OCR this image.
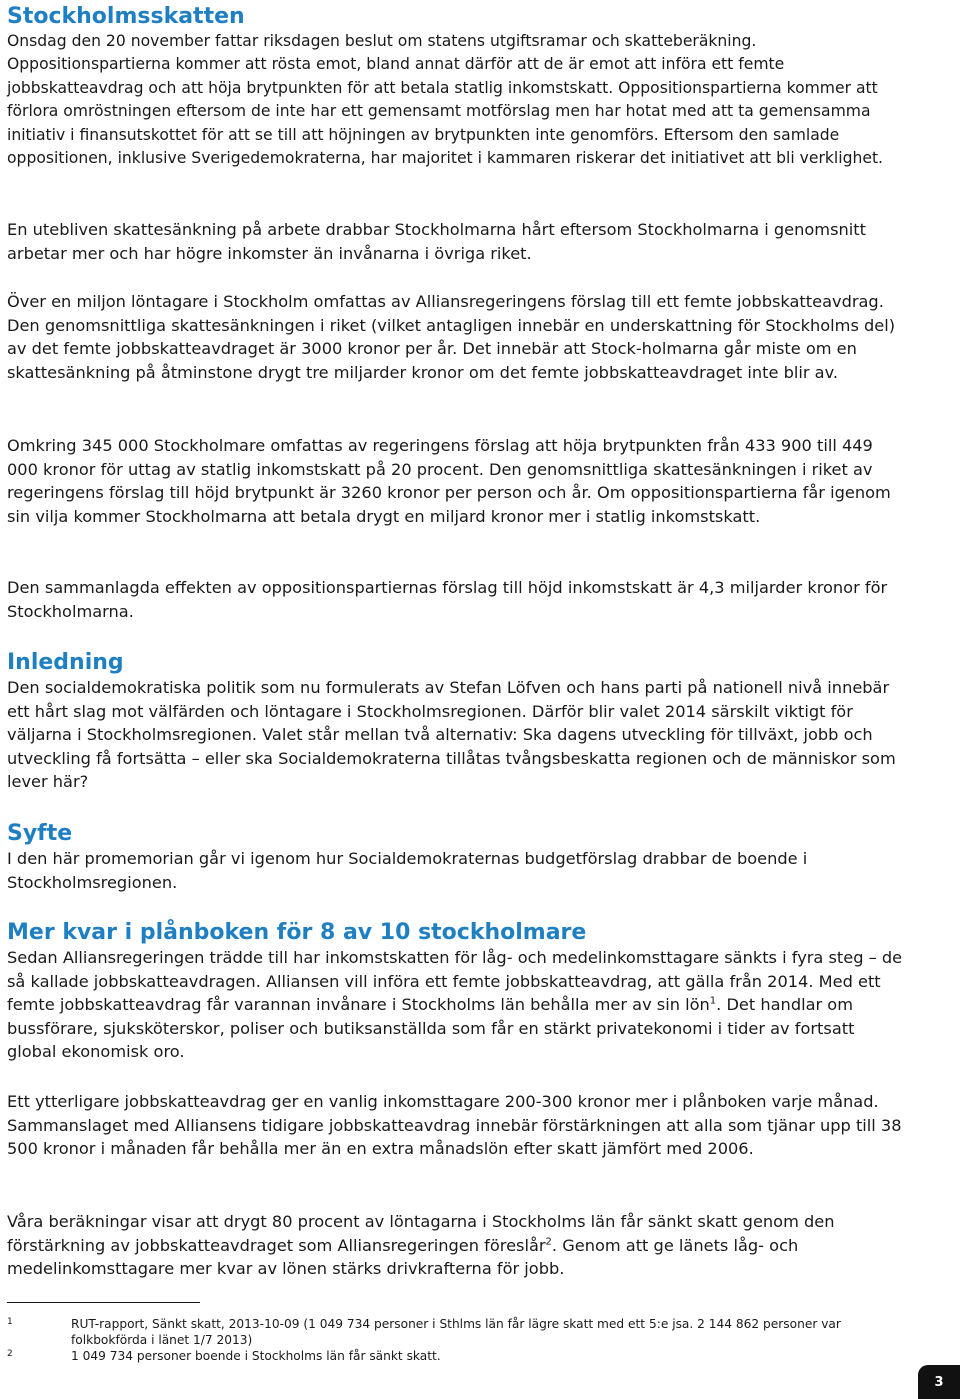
Stockholmsskatten

Onsdag den 20 november fattar riksdagen beslut om statens utgiftsramar och skatteberäkning. Oppositionspartierna kommer att rösta emot, bland annat därför att de är emot att införa ett femte jobbskatteavdrag och att höja brytpunkten för att betala statlig inkomstskatt. Oppositionspartierna kommer att förlora omröstningen eftersom de inte har ett gemensamt motförslag men har hotat med att ta gemensamma initiativ i finansutskottet för att se till att höjningen av brytpunkten inte genomförs. Eftersom den samlade oppositionen, inklusive Sverigedemokraterna, har majoritet i kammaren riskerar det initiativet att bli verklighet.

En utebliven skattesänkning på arbete drabbar Stockholmarna hårt eftersom Stockholmarna i genomsnitt arbetar mer och har högre inkomster än invånarna i övriga riket.

Över en miljon löntagare i Stockholm omfattas av Alliansregeringens förslag till ett femte jobbskatteavdrag. Den genomsnittliga skattesänkningen i riket (vilket antagligen innebär en underskattning för Stockholms del) av det femte jobbskatteavdraget är 3000 kronor per år. Det innebär att Stock-holmarna går miste om en skattesänkning på åtminstone drygt tre miljarder kronor om det femte jobbskatteavdraget inte blir av.

Omkring 345 000 Stockholmare omfattas av regeringens förslag att höja brytpunkten från 433 900 till 449 000 kronor för uttag av statlig inkomstskatt på 20 procent. Den genomsnittliga skattesänkningen i riket av regeringens förslag till höjd brytpunkt är 3260 kronor per person och år. Om oppositionspartierna får igenom sin vilja kommer Stockholmarna att betala drygt en miljard kronor mer i statlig inkomstskatt.

Den sammanlagda effekten av oppositionspartiernas förslag till höjd inkomstskatt är 4,3 miljarder kronor för Stockholmarna.

Inledning

Den socialdemokratiska politik som nu formulerats av Stefan Löfven och hans parti på nationell nivå innebär ett hårt slag mot välfärden och löntagare i Stockholmsregionen. Därför blir valet 2014 särskilt viktigt för väljarna i Stockholmsregionen. Valet står mellan två alternativ: Ska dagens utveckling för tillväxt, jobb och utveckling få fortsätta – eller ska Socialdemokraterna tillåtas tvångsbeskatta regionen och de människor som lever här?

Syfte

I den här promemorian går vi igenom hur Socialdemokraternas budgetförslag drabbar de boende i Stockholmsregionen.

Mer kvar i plånboken för 8 av 10 stockholmare

Sedan Alliansregeringen trädde till har inkomstskatten för låg- och medelinkomsttagare sänkts i fyra steg – de så kallade jobbskatteavdragen. Alliansen vill införa ett femte jobbskatteavdrag, att gälla från 2014. Med ett femte jobbskatteavdrag får varannan invånare i Stockholms län behålla mer av sin lön$^1$. Det handlar om bussförare, sjuksköterskor, poliser och butiksanställda som får en stärkt privatekonomi i tider av fortsatt global ekonomisk oro.

Ett ytterligare jobbskatteavdrag ger en vanlig inkomsttagare 200-300 kronor mer i plånboken varje månad. Sammanslaget med Alliansens tidigare jobbskatteavdrag innebär förstärkningen att alla som tjänar upp till 38 500 kronor i månaden får behålla mer än en extra månadslön efter skatt jämfört med 2006.

Våra beräkningar visar att drygt 80 procent av löntagarna i Stockholms län får sänkt skatt genom den förstärkning av jobbskatteavdraget som Alliansregeringen föreslår$^2$. Genom att ge länets låg- och medelinkomsttagare mer kvar av lönen stärks drivkrafterna för jobb.

1	RUT-rapport, Sänkt skatt, 2013-10-09 (1 049 734 personer i Sthlms län får lägre skatt med ett 5:e jsa. 2 144 862 personer var folkbokförda i länet 1/7 2013)
2	1 049 734 personer boende i Stockholms län får sänkt skatt.
3
